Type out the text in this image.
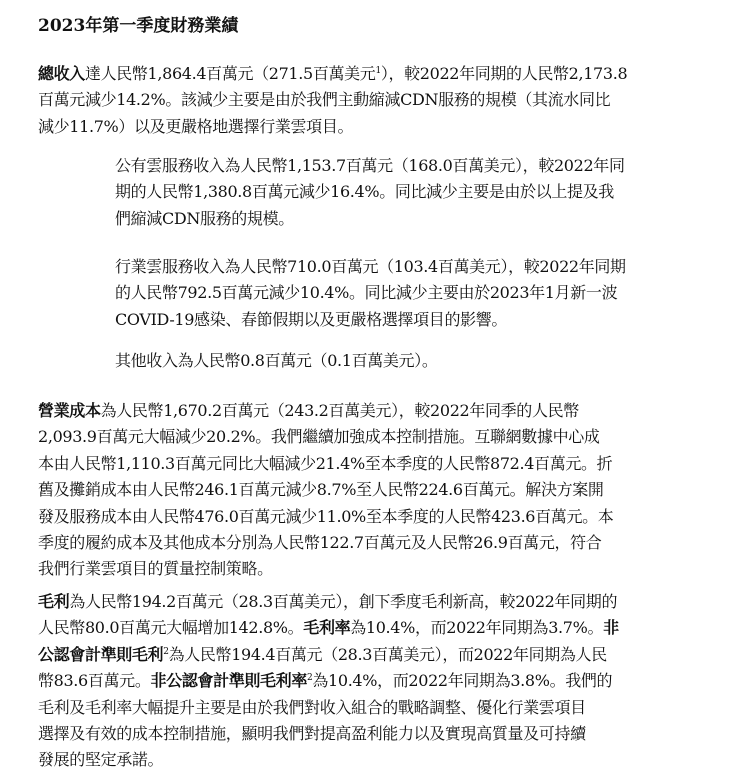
2023年第一季度財務業績

總收入達人民幣1,864.4百萬元（271.5百萬美元$^1$），較2022年同期的人民幣2,173.8
百萬元減少14.2%。該減少主要是由於我們主動縮減CDN服務的規模（其流水同比
減少11.7%）以及更嚴格地選擇行業雲項目。

公有雲服務收入為人民幣1,153.7百萬元（168.0百萬美元），較2022年同
期的人民幣1,380.8百萬元減少16.4%。同比減少主要是由於以上提及我
們縮減CDN服務的規模。

行業雲服務收入為人民幣710.0百萬元（103.4百萬美元），較2022年同期
的人民幣792.5百萬元減少10.4%。同比減少主要由於2023年1月新一波
COVID-19感染、春節假期以及更嚴格選擇項目的影響。

其他收入為人民幣0.8百萬元（0.1百萬美元）。

營業成本為人民幣1,670.2百萬元（243.2百萬美元），較2022年同季的人民幣
2,093.9百萬元大幅減少20.2%。我們繼續加強成本控制措施。互聯網數據中心成
本由人民幣1,110.3百萬元同比大幅減少21.4%至本季度的人民幣872.4百萬元。折
舊及攤銷成本由人民幣246.1百萬元減少8.7%至人民幣224.6百萬元。解決方案開
發及服務成本由人民幣476.0百萬元減少11.0%至本季度的人民幣423.6百萬元。本
季度的履約成本及其他成本分別為人民幣122.7百萬元及人民幣26.9百萬元，符合
我們行業雲項目的質量控制策略。

毛利為人民幣194.2百萬元（28.3百萬美元），創下季度毛利新高，較2022年同期的
人民幣80.0百萬元大幅增加142.8%。毛利率為10.4%，而2022年同期為3.7%。非
公認會計準則毛利$^2$為人民幣194.4百萬元（28.3百萬美元），而2022年同期為人民
幣83.6百萬元。非公認會計準則毛利率$^2$為10.4%，而2022年同期為3.8%。我們的
毛利及毛利率大幅提升主要是由於我們對收入組合的戰略調整、優化行業雲項目
選擇及有效的成本控制措施，顯明我們對提高盈利能力以及實現高質量及可持續
發展的堅定承諾。
